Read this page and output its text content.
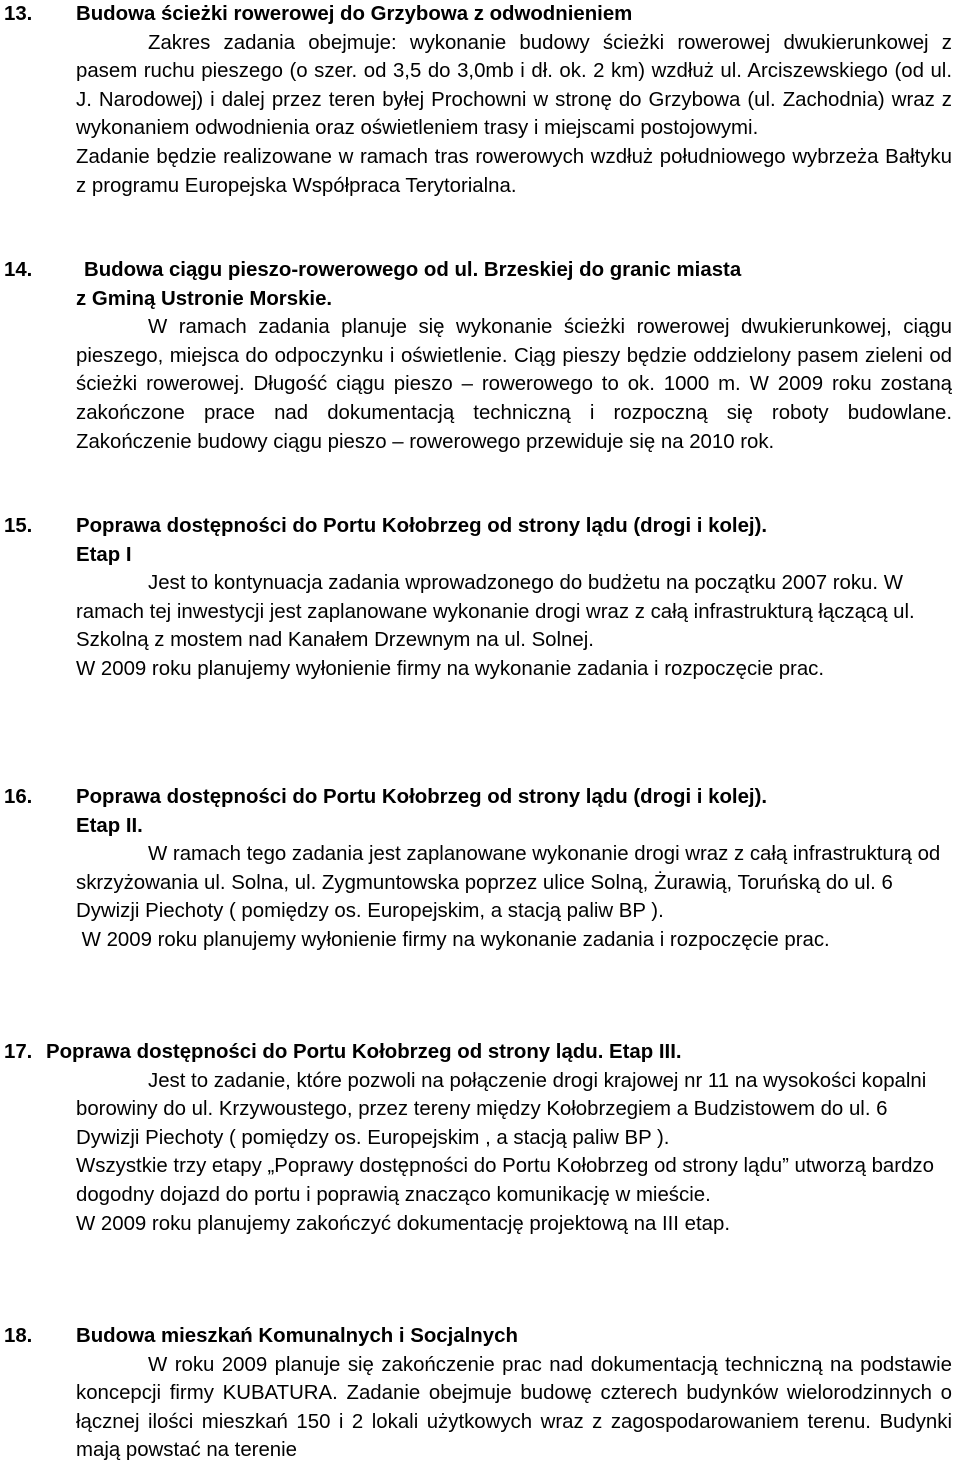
13. Budowa ścieżki rowerowej do Grzybowa z odwodnieniem

Zakres zadania obejmuje: wykonanie budowy ścieżki rowerowej dwukierunkowej z pasem ruchu pieszego (o szer. od 3,5 do 3,0mb i dł. ok. 2 km) wzdłuż ul. Arciszewskiego (od ul. J. Narodowej) i dalej przez teren byłej Prochowni w stronę do Grzybowa (ul. Zachodnia) wraz z wykonaniem odwodnienia oraz oświetleniem trasy i miejscami postojowymi.

Zadanie będzie realizowane w ramach tras rowerowych wzdłuż południowego wybrzeża Bałtyku z programu Europejska Współpraca Terytorialna.

14.	Budowa ciągu pieszo-rowerowego od ul. Brzeskiej do granic miasta

z Gminą Ustronie Morskie.

W ramach zadania planuje się wykonanie ścieżki rowerowej dwukierunkowej, ciągu pieszego, miejsca do odpoczynku i oświetlenie. Ciąg pieszy będzie oddzielony pasem zieleni od ścieżki rowerowej. Długość ciągu pieszo – rowerowego to ok. 1000 m. W 2009 roku zostaną zakończone prace nad dokumentacją techniczną i rozpoczną się roboty budowlane. Zakończenie budowy ciągu pieszo – rowerowego przewiduje się na 2010 rok.

15. Poprawa dostępności do Portu Kołobrzeg od strony lądu (drogi i kolej).

Etap I

Jest to kontynuacja zadania wprowadzonego do budżetu na początku 2007 roku. W ramach tej inwestycji jest zaplanowane wykonanie drogi wraz z całą infrastrukturą łączącą ul. Szkolną z mostem nad Kanałem Drzewnym na ul. Solnej.

W 2009 roku planujemy wyłonienie firmy na wykonanie zadania i rozpoczęcie prac.

16. Poprawa dostępności do Portu Kołobrzeg od strony lądu (drogi i kolej).

Etap II.

W ramach tego zadania jest zaplanowane wykonanie drogi wraz z całą infrastrukturą od skrzyżowania ul. Solna, ul. Zygmuntowska poprzez ulice Solną, Żurawią, Toruńską do ul. 6 Dywizji Piechoty ( pomiędzy os. Europejskim, a stacją paliw BP ).

W 2009 roku planujemy wyłonienie firmy na wykonanie zadania i rozpoczęcie prac.

17. Poprawa dostępności do Portu Kołobrzeg od strony lądu. Etap III.

Jest to zadanie, które pozwoli na połączenie drogi krajowej nr 11 na wysokości kopalni borowiny do ul. Krzywoustego, przez tereny między Kołobrzegiem a Budzistowem do ul. 6 Dywizji Piechoty ( pomiędzy os. Europejskim , a stacją paliw BP ).

Wszystkie trzy etapy „Poprawy dostępności do Portu Kołobrzeg od strony lądu” utworzą bardzo dogodny dojazd do portu i poprawią znacząco komunikację w mieście.

W 2009 roku planujemy zakończyć dokumentację projektową na III etap.

18. Budowa mieszkań Komunalnych i Socjalnych

W roku 2009 planuje się zakończenie prac nad dokumentacją techniczną na podstawie koncepcji firmy KUBATURA. Zadanie obejmuje budowę czterech budynków wielorodzinnych o łącznej ilości mieszkań 150 i 2 lokali użytkowych wraz z zagospodarowaniem terenu. Budynki mają powstać na terenie
